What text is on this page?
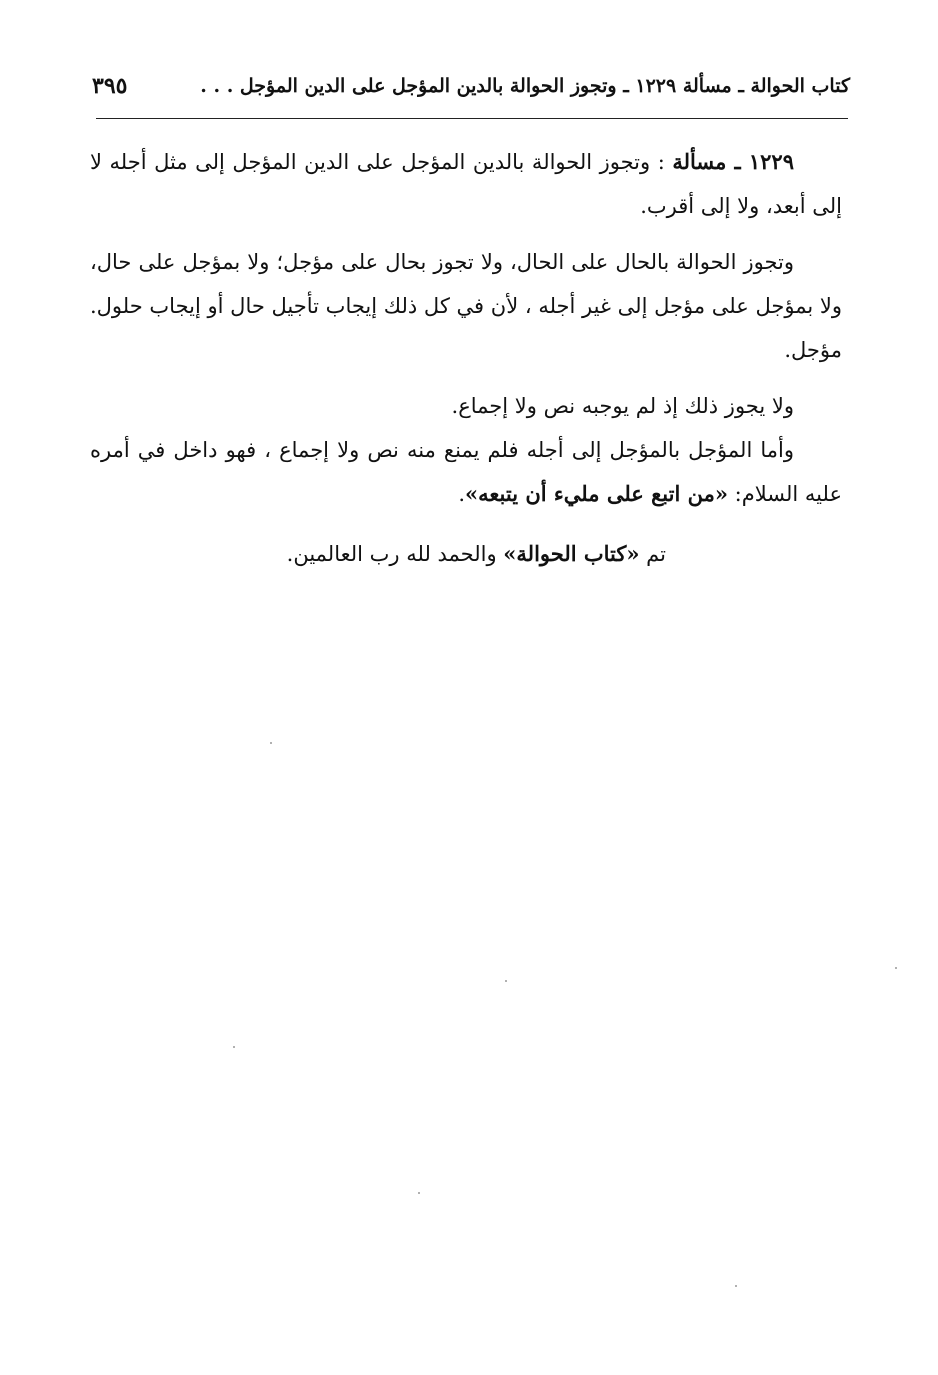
كتاب الحوالة ـ مسألة ١٢٢٩ ـ وتجوز الحوالة بالدين المؤجل على الدين المؤجل . . .
٣٩٥

١٢٢٩ ـ مسألة : وتجوز الحوالة بالدين المؤجل على الدين المؤجل إلى مثل أجله لا إلى أبعد، ولا إلى أقرب.

وتجوز الحوالة بالحال على الحال، ولا تجوز بحال على مؤجل؛ ولا بمؤجل على حال، ولا بمؤجل على مؤجل إلى غير أجله ، لأن في كل ذلك إيجاب تأجيل حال أو إيجاب حلول. مؤجل.

ولا يجوز ذلك إذ لم يوجبه نص ولا إجماع.

وأما المؤجل بالمؤجل إلى أجله فلم يمنع منه نص ولا إجماع ، فهو داخل في أمره عليه السلام: «من اتبع على مليء أن يتبعه».

تم «كتاب الحوالة» والحمد لله رب العالمين.
